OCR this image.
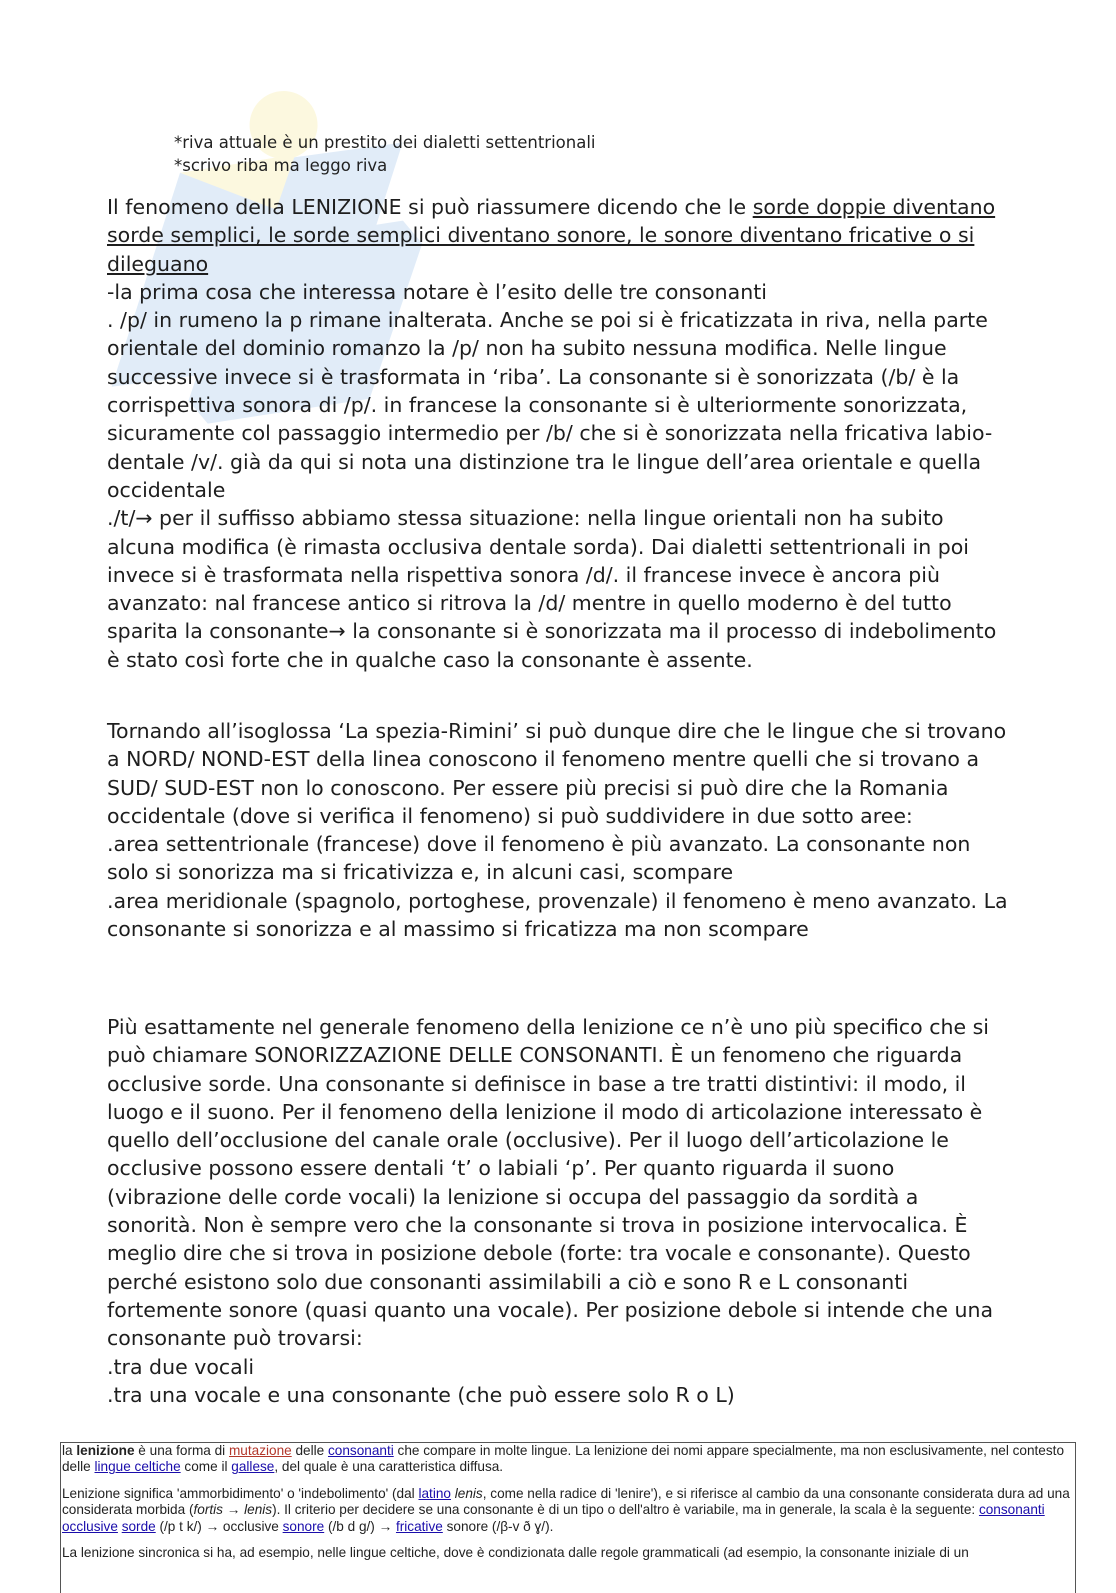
*riva attuale è un prestito dei dialetti settentrionali
*scrivo riba ma leggo riva

Il fenomeno della LENIZIONE si può riassumere dicendo che le sorde doppie diventano sorde semplici, le sorde semplici diventano sonore, le sonore diventano fricative o si dileguano

-la prima cosa che interessa notare è l’esito delle tre consonanti

. /p/ in rumeno la p rimane inalterata. Anche se poi si è fricatizzata in riva, nella parte orientale del dominio romanzo la /p/ non ha subito nessuna modifica. Nelle lingue successive invece si è trasformata in ‘riba’. La consonante si è sonorizzata (/b/ è la corrispettiva sonora di /p/. in francese la consonante si è ulteriormente sonorizzata, sicuramente col passaggio intermedio per /b/ che si è sonorizzata nella fricativa labio-dentale /v/. già da qui si nota una distinzione tra le lingue dell’area orientale e quella occidentale

./t/→ per il suffisso abbiamo stessa situazione: nella lingue orientali non ha subito alcuna modifica (è rimasta occlusiva dentale sorda). Dai dialetti settentrionali in poi invece si è trasformata nella rispettiva sonora /d/. il francese invece è ancora più avanzato: nal francese antico si ritrova la /d/ mentre in quello moderno è del tutto sparita la consonante→ la consonante si è sonorizzata ma il processo di indebolimento è stato così forte che in qualche caso la consonante è assente.

Tornando all’isoglossa ‘La spezia-Rimini’ si può dunque dire che le lingue che si trovano a NORD/ NOND-EST della linea conoscono il fenomeno mentre quelli che si trovano a SUD/ SUD-EST non lo conoscono. Per essere più precisi si può dire che la Romania occidentale (dove si verifica il fenomeno) si può suddividere in due sotto aree:

.area settentrionale (francese) dove il fenomeno è più avanzato. La consonante non solo si sonorizza ma si fricativizza e, in alcuni casi, scompare

.area meridionale (spagnolo, portoghese, provenzale) il fenomeno è meno avanzato. La consonante si sonorizza e al massimo si fricatizza ma non scompare

Più esattamente nel generale fenomeno della lenizione ce n’è uno più specifico che si può chiamare SONORIZZAZIONE DELLE CONSONANTI. È un fenomeno che riguarda occlusive sorde. Una consonante si definisce in base a tre tratti distintivi: il modo, il luogo e il suono. Per il fenomeno della lenizione il modo di articolazione interessato è quello dell’occlusione del canale orale (occlusive). Per il luogo dell’articolazione le occlusive possono essere dentali ‘t’ o labiali ‘p’. Per quanto riguarda il suono (vibrazione delle corde vocali) la lenizione si occupa del passaggio da sordità a sonorità. Non è sempre vero che la consonante si trova in posizione intervocalica. È meglio dire che si trova in posizione debole (forte: tra vocale e consonante). Questo perché esistono solo due consonanti assimilabili a ciò e sono R e L consonanti fortemente sonore (quasi quanto una vocale). Per posizione debole si intende che una consonante può trovarsi:

.tra due vocali

.tra una vocale e una consonante (che può essere solo R o L)

la lenizione è una forma di mutazione delle consonanti che compare in molte lingue. La lenizione dei nomi appare specialmente, ma non esclusivamente, nel contesto delle lingue celtiche come il gallese, del quale è una caratteristica diffusa.

Lenizione significa 'ammorbidimento' o 'indebolimento' (dal latino lenis, come nella radice di 'lenire'), e si riferisce al cambio da una consonante considerata dura ad una considerata morbida (fortis → lenis). Il criterio per decidere se una consonante è di un tipo o dell'altro è variabile, ma in generale, la scala è la seguente: consonanti occlusive sorde (/p t k/) → occlusive sonore (/b d g/) → fricative sonore (/β-v ð ɣ/).

La lenizione sincronica si ha, ad esempio, nelle lingue celtiche, dove è condizionata dalle regole grammaticali (ad esempio, la consonante iniziale di un
